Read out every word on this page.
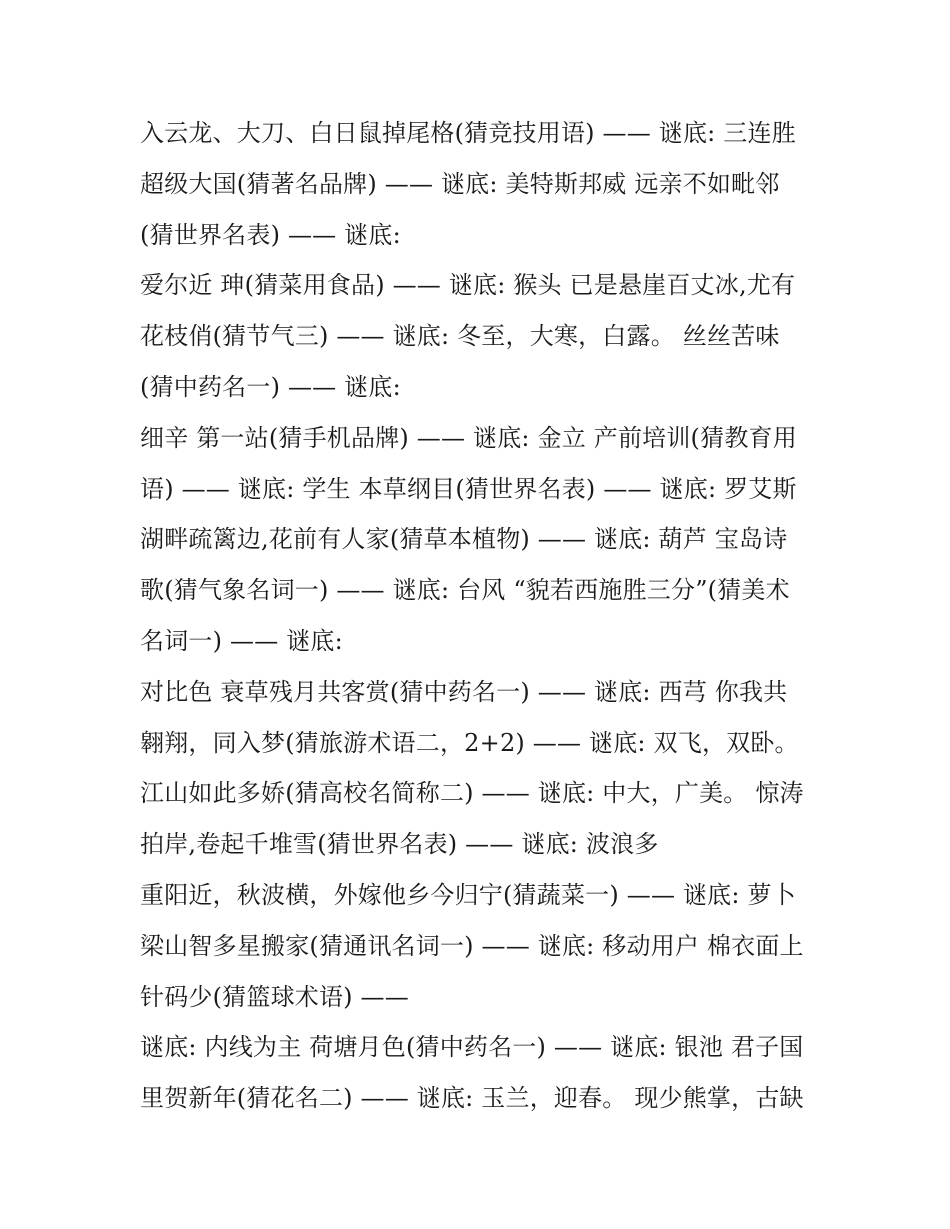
入云龙、大刀、白日鼠掉尾格(猜竞技用语) —— 谜底: 三连胜
超级大国(猜著名品牌) —— 谜底: 美特斯邦威 远亲不如毗邻
(猜世界名表) —— 谜底:
爱尔近 珅(猜菜用食品) —— 谜底: 猴头 已是悬崖百丈冰,尤有
花枝俏(猜节气三) —— 谜底: 冬至，大寒，白露。 丝丝苦味
(猜中药名一) —— 谜底:
细辛 第一站(猜手机品牌) —— 谜底: 金立 产前培训(猜教育用
语) —— 谜底: 学生 本草纲目(猜世界名表) —— 谜底: 罗艾斯
湖畔疏篱边,花前有人家(猜草本植物) —— 谜底: 葫芦 宝岛诗
歌(猜气象名词一) —— 谜底: 台风 “貌若西施胜三分”(猜美术
名词一) —— 谜底:
对比色 衰草残月共客赏(猜中药名一) —— 谜底: 西芎 你我共
翱翔，同入梦(猜旅游术语二，2+2) —— 谜底: 双飞，双卧。
江山如此多娇(猜高校名简称二) —— 谜底: 中大，广美。 惊涛
拍岸,卷起千堆雪(猜世界名表) —— 谜底: 波浪多
重阳近，秋波横，外嫁他乡今归宁(猜蔬菜一) —— 谜底: 萝卜
梁山智多星搬家(猜通讯名词一) —— 谜底: 移动用户 棉衣面上
针码少(猜篮球术语) ——
谜底: 内线为主 荷塘月色(猜中药名一) —— 谜底: 银池 君子国
里贺新年(猜花名二) —— 谜底: 玉兰，迎春。 现少熊掌，古缺
